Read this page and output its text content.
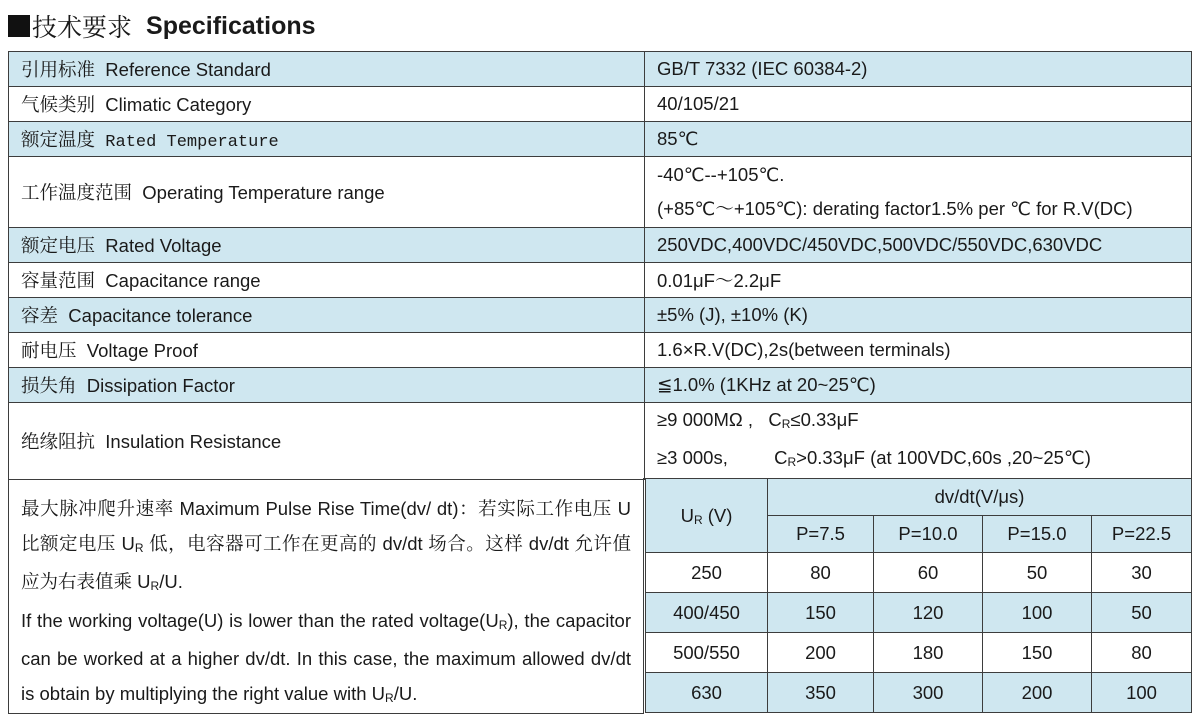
技术要求 Specifications
引用标准 Reference Standard	GB/T 7332 (IEC 60384-2)
气候类别 Climatic Category	40/105/21
额定温度 Rated Temperature	85℃
工作温度范围 Operating Temperature range	-40℃--+105℃.
(+85℃～+105℃): derating factor1.5% per ℃ for R.V(DC)

额定电压 Rated Voltage	250VDC,400VDC/450VDC,500VDC/550VDC,630VDC
容量范围 Capacitance range	0.01μF～2.2μF
容差 Capacitance tolerance	±5% (J), ±10% (K)
耐电压 Voltage Proof	1.6×R.V(DC),2s(between terminals)
损失角 Dissipation Factor	≦1.0% (1KHz at 20~25℃)
绝缘阻抗 Insulation Resistance	≥9 000MΩ , $C_R\le 0.33\mu F$
≥3 000s, $C_R>0.33\mu F$ (at 100VDC,60s ,20~25℃)

最大脉冲爬升速率 Maximum Pulse Rise Time(dv/ dt)：若实际工作电压 U 比额定电压 $U_R$ 低，电容器可工作在更高的 dv/dt 场合。这样 dv/dt 允许值应为右表值乘 $U_R/U$.

If the working voltage(U) is lower than the rated $voltage(U_R)$, the capacitor can be worked at a higher dv/dt. In this case, the maximum allowed dv/dt is obtain by multiplying the right value with $U_R/U$.

$U_R$ (V)	dv/dt(V/μs)			
	P=7.5	P=10.0	P=15.0	P=22.5
250	80	60	50	30
400/450	150	120	100	50
500/550	200	180	150	80
630	350	300	200	100
